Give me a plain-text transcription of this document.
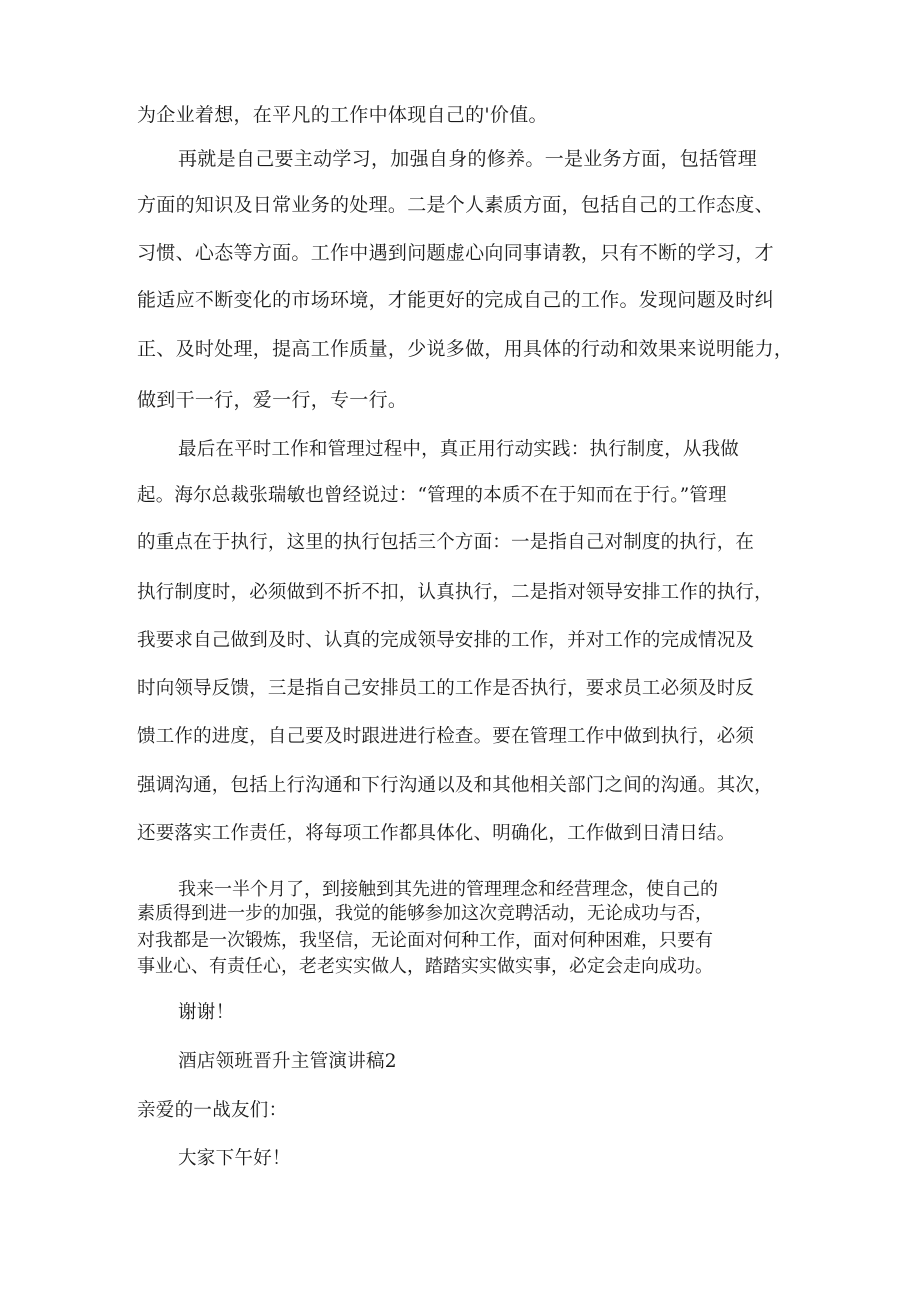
为企业着想，在平凡的工作中体现自己的'价值。
再就是自己要主动学习，加强自身的修养。一是业务方面，包括管理
方面的知识及日常业务的处理。二是个人素质方面，包括自己的工作态度、
习惯、心态等方面。工作中遇到问题虚心向同事请教，只有不断的学习，才
能适应不断变化的市场环境，才能更好的完成自己的工作。发现问题及时纠
正、及时处理，提高工作质量，少说多做，用具体的行动和效果来说明能力，
做到干一行，爱一行，专一行。
最后在平时工作和管理过程中，真正用行动实践：执行制度，从我做
起。海尔总裁张瑞敏也曾经说过：“管理的本质不在于知而在于行。”管理
的重点在于执行，这里的执行包括三个方面：一是指自己对制度的执行，在
执行制度时，必须做到不折不扣，认真执行，二是指对领导安排工作的执行，
我要求自己做到及时、认真的完成领导安排的工作，并对工作的完成情况及
时向领导反馈，三是指自己安排员工的工作是否执行，要求员工必须及时反
馈工作的进度，自己要及时跟进进行检查。要在管理工作中做到执行，必须
强调沟通，包括上行沟通和下行沟通以及和其他相关部门之间的沟通。其次，
还要落实工作责任，将每项工作都具体化、明确化，工作做到日清日结。
我来一半个月了，到接触到其先进的管理理念和经营理念，使自己的
素质得到进一步的加强，我觉的能够参加这次竞聘活动，无论成功与否，
对我都是一次锻炼，我坚信，无论面对何种工作，面对何种困难，只要有
事业心、有责任心，老老实实做人，踏踏实实做实事，必定会走向成功。
谢谢！
酒店领班晋升主管演讲稿2
亲爱的一战友们：
大家下午好！
